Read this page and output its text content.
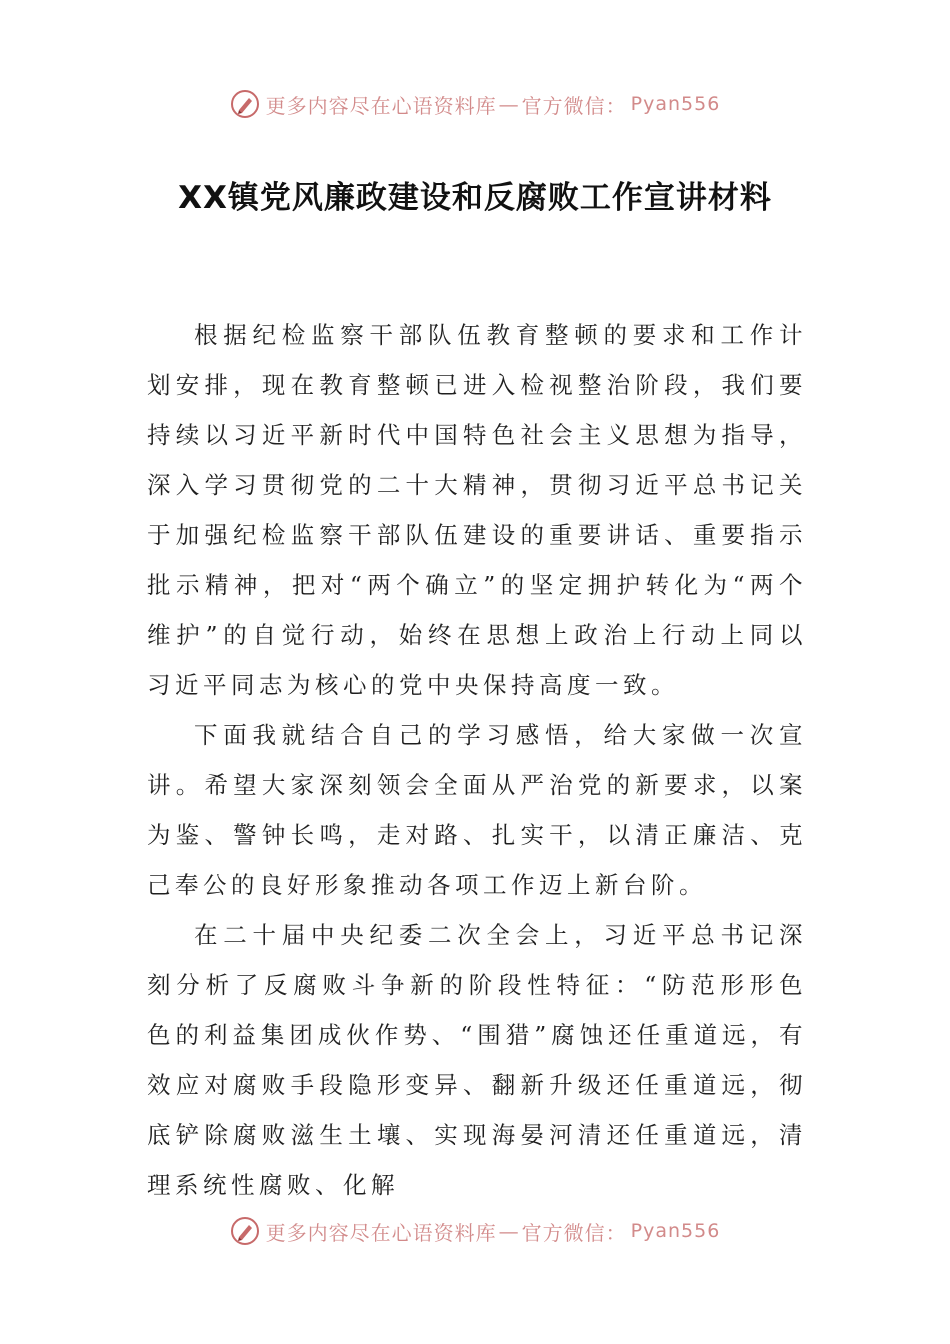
更多内容尽在心语资料库 — 官方微信： Pyan556
XX镇党风廉政建设和反腐败工作宣讲材料

根据纪检监察干部队伍教育整顿的要求和工作计划安排，现在教育整顿已进入检视整治阶段，我们要持续以习近平新时代中国特色社会主义思想为指导，深入学习贯彻党的二十大精神，贯彻习近平总书记关于加强纪检监察干部队伍建设的重要讲话、重要指示批示精神，把对“两个确立”的坚定拥护转化为“两个维护”的自觉行动，始终在思想上政治上行动上同以习近平同志为核心的党中央保持高度一致。

下面我就结合自己的学习感悟，给大家做一次宣讲。希望大家深刻领会全面从严治党的新要求，以案为鉴、警钟长鸣，走对路、扎实干，以清正廉洁、克己奉公的良好形象推动各项工作迈上新台阶。

在二十届中央纪委二次全会上，习近平总书记深刻分析了反腐败斗争新的阶段性特征：“防范形形色色的利益集团成伙作势、“围猎”腐蚀还任重道远，有效应对腐败手段隐形变异、翻新升级还任重道远，彻底铲除腐败滋生土壤、实现海晏河清还任重道远，清理系统性腐败、化解

更多内容尽在心语资料库 — 官方微信： Pyan556
